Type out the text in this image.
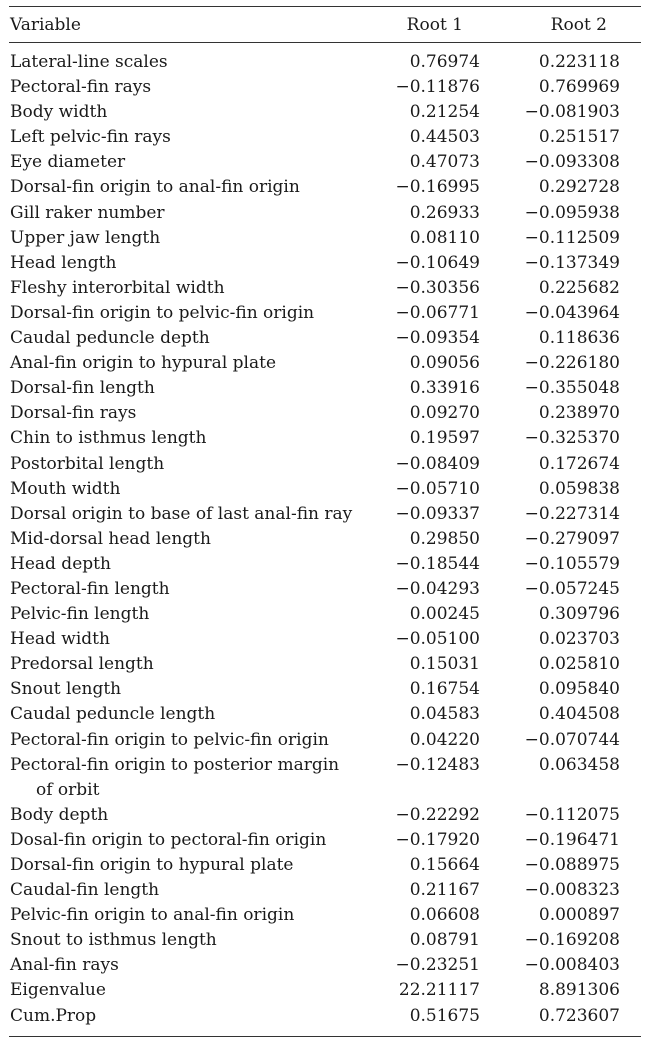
Variable	Root 1	Root 2
Lateral-line scales	0.76974	0.223118
Pectoral-fin rays	−0.11876	0.769969
Body width	0.21254	−0.081903
Left pelvic-fin rays	0.44503	0.251517
Eye diameter	0.47073	−0.093308
Dorsal-fin origin to anal-fin origin	−0.16995	0.292728
Gill raker number	0.26933	−0.095938
Upper jaw length	0.08110	−0.112509
Head length	−0.10649	−0.137349
Fleshy interorbital width	−0.30356	0.225682
Dorsal-fin origin to pelvic-fin origin	−0.06771	−0.043964
Caudal peduncle depth	−0.09354	0.118636
Anal-fin origin to hypural plate	0.09056	−0.226180
Dorsal-fin length	0.33916	−0.355048
Dorsal-fin rays	0.09270	0.238970
Chin to isthmus length	0.19597	−0.325370
Postorbital length	−0.08409	0.172674
Mouth width	−0.05710	0.059838
Dorsal origin to base of last anal-fin ray	−0.09337	−0.227314
Mid-dorsal head length	0.29850	−0.279097
Head depth	−0.18544	−0.105579
Pectoral-fin length	−0.04293	−0.057245
Pelvic-fin length	0.00245	0.309796
Head width	−0.05100	0.023703
Predorsal length	0.15031	0.025810
Snout length	0.16754	0.095840
Caudal peduncle length	0.04583	0.404508
Pectoral-fin origin to pelvic-fin origin	0.04220	−0.070744
Pectoral-fin origin to posterior margin
of orbit
−0.12483	0.063458
Body depth	−0.22292	−0.112075
Dosal-fin origin to pectoral-fin origin	−0.17920	−0.196471
Dorsal-fin origin to hypural plate	0.15664	−0.088975
Caudal-fin length	0.21167	−0.008323
Pelvic-fin origin to anal-fin origin	0.06608	0.000897
Snout to isthmus length	0.08791	−0.169208
Anal-fin rays	−0.23251	−0.008403
Eigenvalue	22.21117	8.891306
Cum.Prop	0.51675	0.723607
